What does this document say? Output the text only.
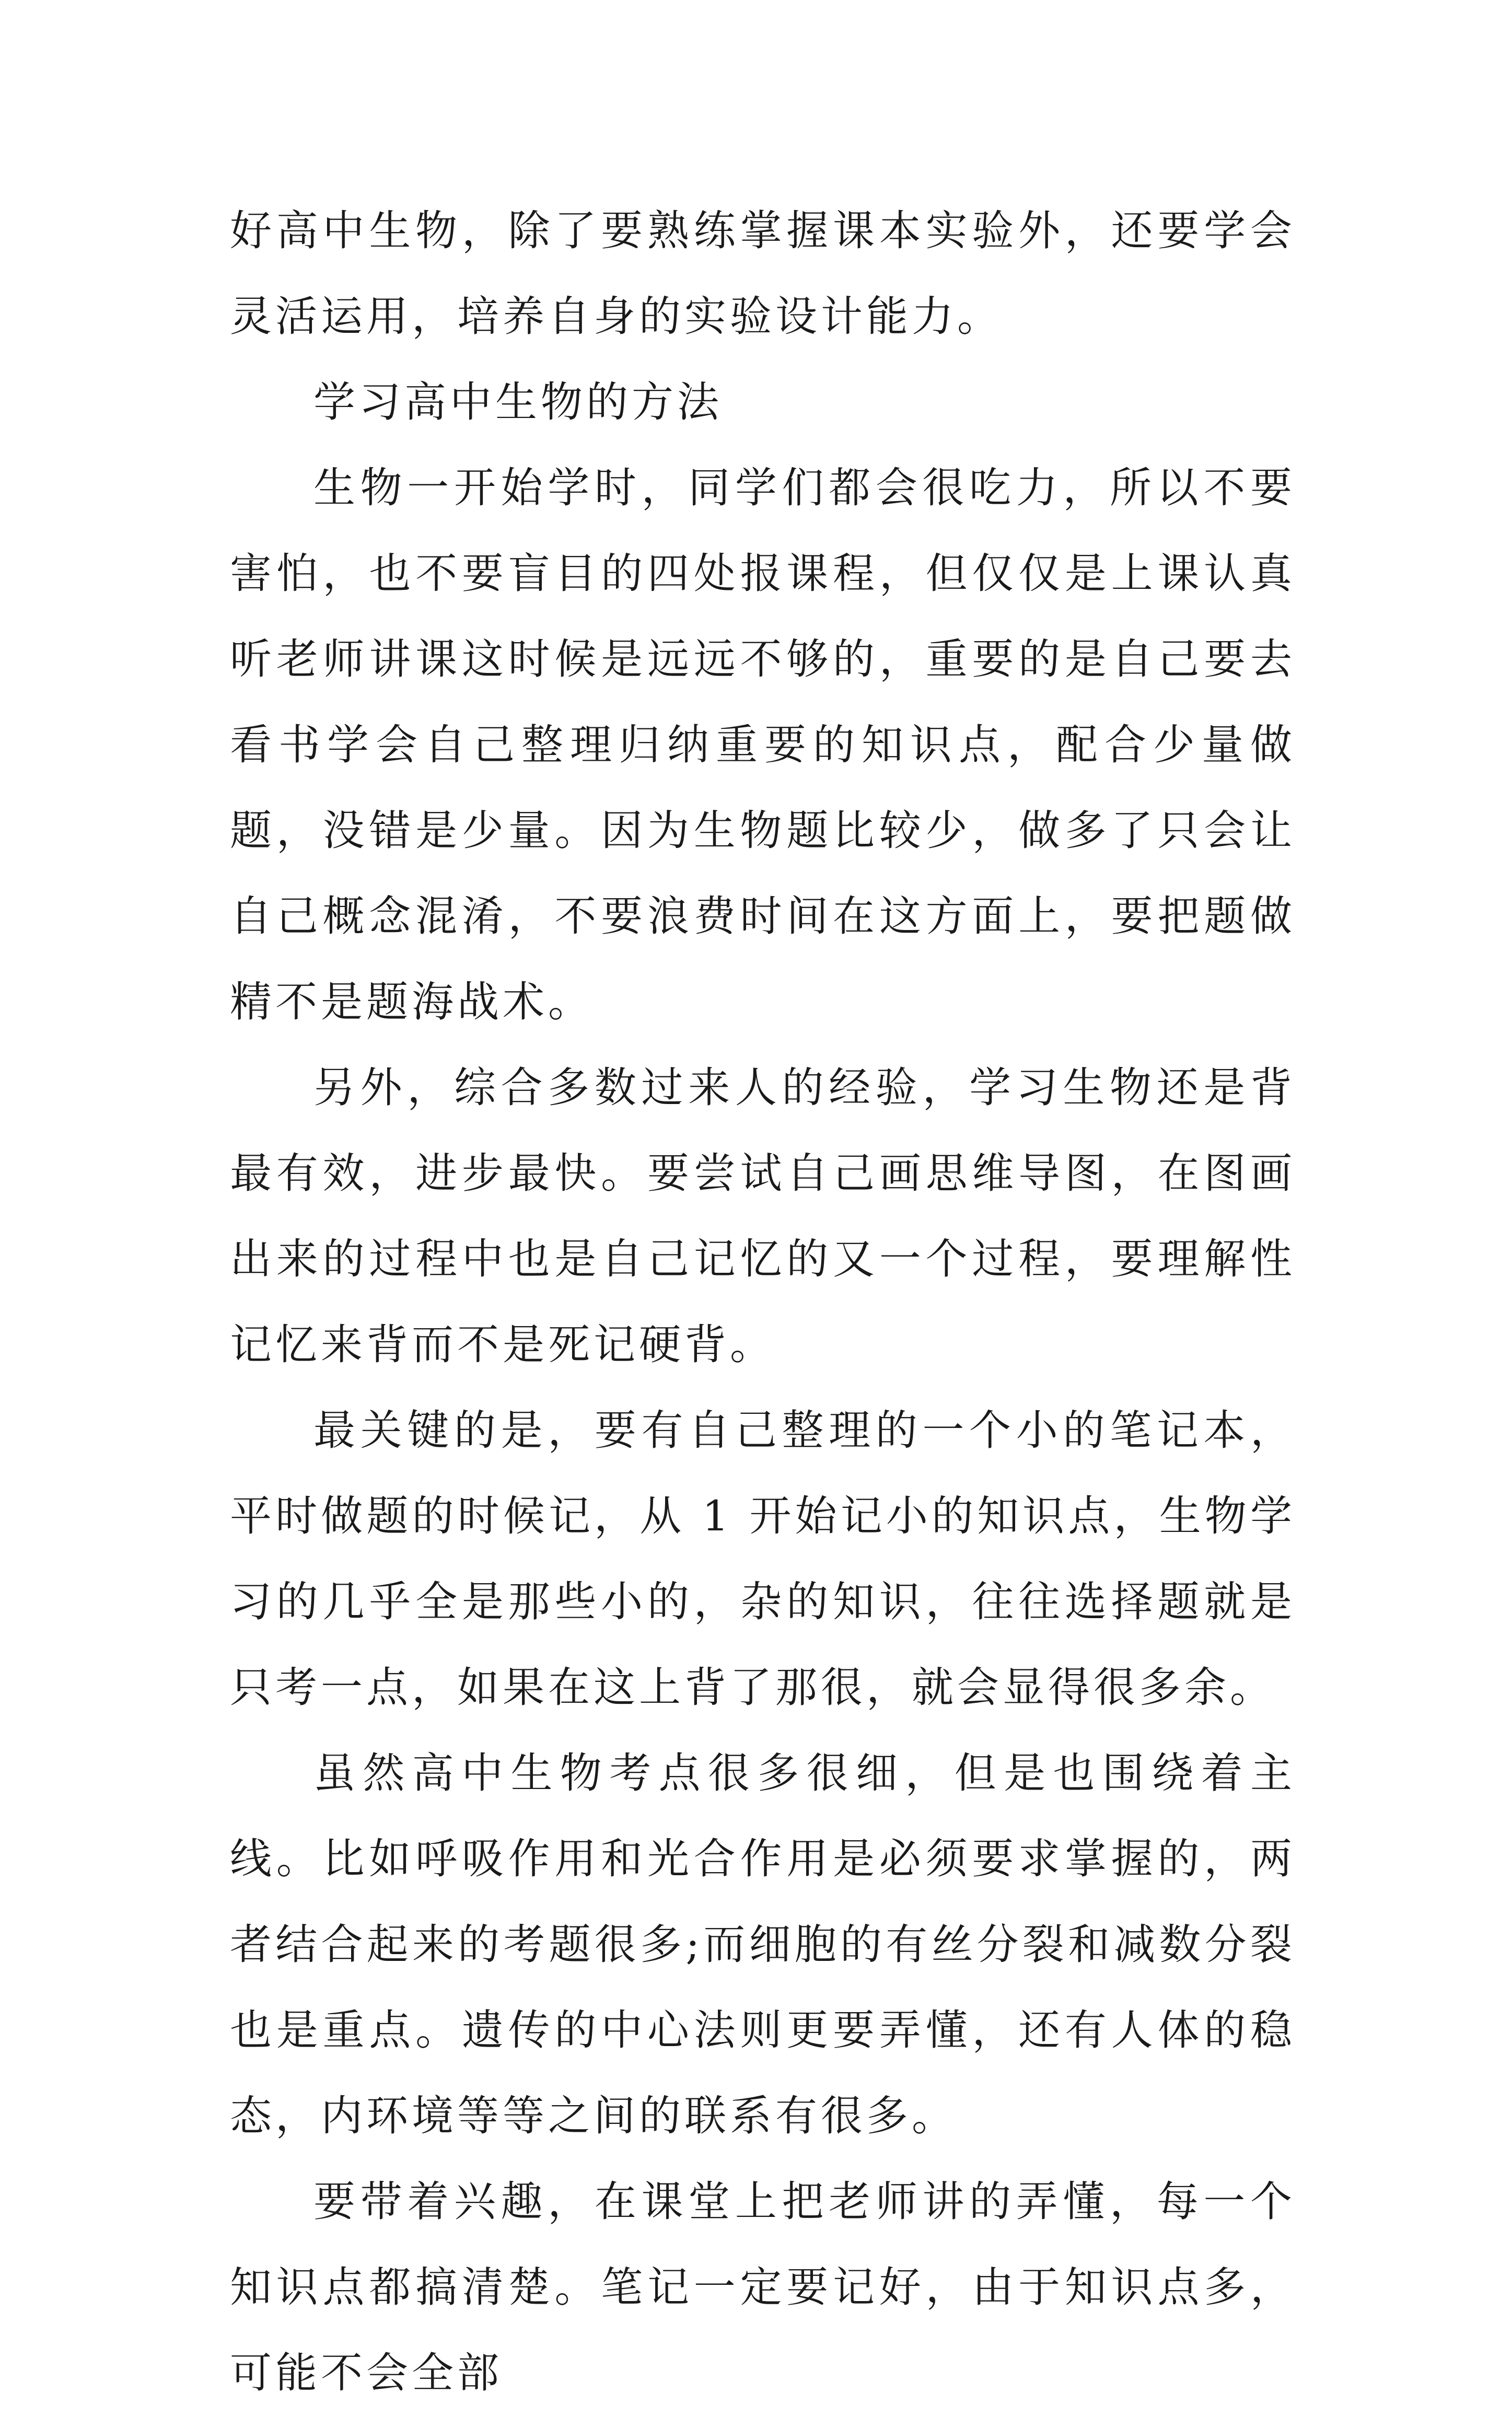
好高中生物，除了要熟练掌握课本实验外，还要学会灵活运用，培养自身的实验设计能力。

学习高中生物的方法

生物一开始学时，同学们都会很吃力，所以不要害怕，也不要盲目的四处报课程，但仅仅是上课认真听老师讲课这时候是远远不够的，重要的是自己要去看书学会自己整理归纳重要的知识点，配合少量做题，没错是少量。因为生物题比较少，做多了只会让自己概念混淆，不要浪费时间在这方面上，要把题做精不是题海战术。

另外，综合多数过来人的经验，学习生物还是背最有效，进步最快。要尝试自己画思维导图，在图画出来的过程中也是自己记忆的又一个过程，要理解性记忆来背而不是死记硬背。

最关键的是，要有自己整理的一个小的笔记本，平时做题的时候记，从 1 开始记小的知识点，生物学习的几乎全是那些小的，杂的知识，往往选择题就是只考一点，如果在这上背了那很，就会显得很多余。

虽然高中生物考点很多很细，但是也围绕着主线。比如呼吸作用和光合作用是必须要求掌握的，两者结合起来的考题很多;而细胞的有丝分裂和减数分裂也是重点。遗传的中心法则更要弄懂，还有人体的稳态，内环境等等之间的联系有很多。

要带着兴趣，在课堂上把老师讲的弄懂，每一个知识点都搞清楚。笔记一定要记好，由于知识点多，可能不会全部
